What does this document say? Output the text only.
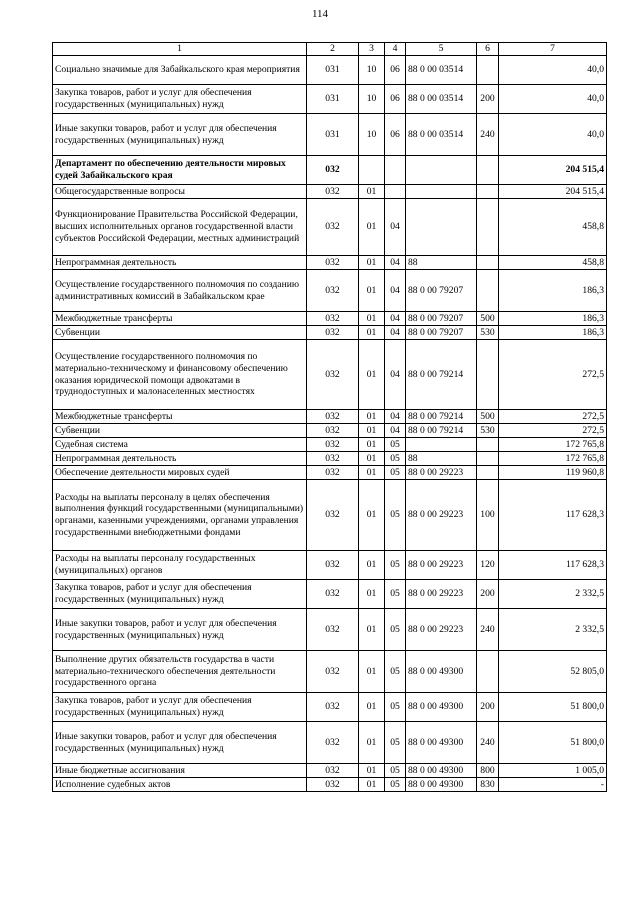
114
1	2	3	4	5	6	7
Социально значимые для Забайкальского края мероприятия	031	10	06	88 0 00 03514		40,0
Закупка товаров, работ и услуг для обеспечения государственных (муниципальных) нужд	031	10	06	88 0 00 03514	200	40,0
Иные закупки товаров, работ и услуг для обеспечения государственных (муниципальных) нужд	031	10	06	88 0 00 03514	240	40,0
Департамент по обеспечению деятельности мировых судей Забайкальского края	032					204 515,4
Общегосударственные вопросы	032	01				204 515,4
Функционирование Правительства Российской Федерации, высших исполнительных органов государственной власти субъектов Российской Федерации, местных администраций	032	01	04			458,8
Непрограммная деятельность	032	01	04	88		458,8
Осуществление государственного полномочия по созданию административных комиссий в Забайкальском крае	032	01	04	88 0 00 79207		186,3
Межбюджетные трансферты	032	01	04	88 0 00 79207	500	186,3
Субвенции	032	01	04	88 0 00 79207	530	186,3
Осуществление государственного полномочия по материально-техническому и финансовому обеспечению оказания юридической помощи адвокатами в труднодоступных и малонаселенных местностях	032	01	04	88 0 00 79214		272,5
Межбюджетные трансферты	032	01	04	88 0 00 79214	500	272,5
Субвенции	032	01	04	88 0 00 79214	530	272,5
Судебная система	032	01	05			172 765,8
Непрограммная деятельность	032	01	05	88		172 765,8
Обеспечение деятельности мировых судей	032	01	05	88 0 00 29223		119 960,8
Расходы на выплаты персоналу в целях обеспечения выполнения функций государственными (муниципальными) органами, казенными учреждениями, органами управления государственными внебюджетными фондами	032	01	05	88 0 00 29223	100	117 628,3
Расходы на выплаты персоналу государственных (муниципальных) органов	032	01	05	88 0 00 29223	120	117 628,3
Закупка товаров, работ и услуг для обеспечения государственных (муниципальных) нужд	032	01	05	88 0 00 29223	200	2 332,5
Иные закупки товаров, работ и услуг для обеспечения государственных (муниципальных) нужд	032	01	05	88 0 00 29223	240	2 332,5
Выполнение других обязательств государства в части материально-технического обеспечения деятельности государственного органа	032	01	05	88 0 00 49300		52 805,0
Закупка товаров, работ и услуг для обеспечения государственных (муниципальных) нужд	032	01	05	88 0 00 49300	200	51 800,0
Иные закупки товаров, работ и услуг для обеспечения государственных (муниципальных) нужд	032	01	05	88 0 00 49300	240	51 800,0
Иные бюджетные ассигнования	032	01	05	88 0 00 49300	800	1 005,0
Исполнение судебных актов	032	01	05	88 0 00 49300	830	-
